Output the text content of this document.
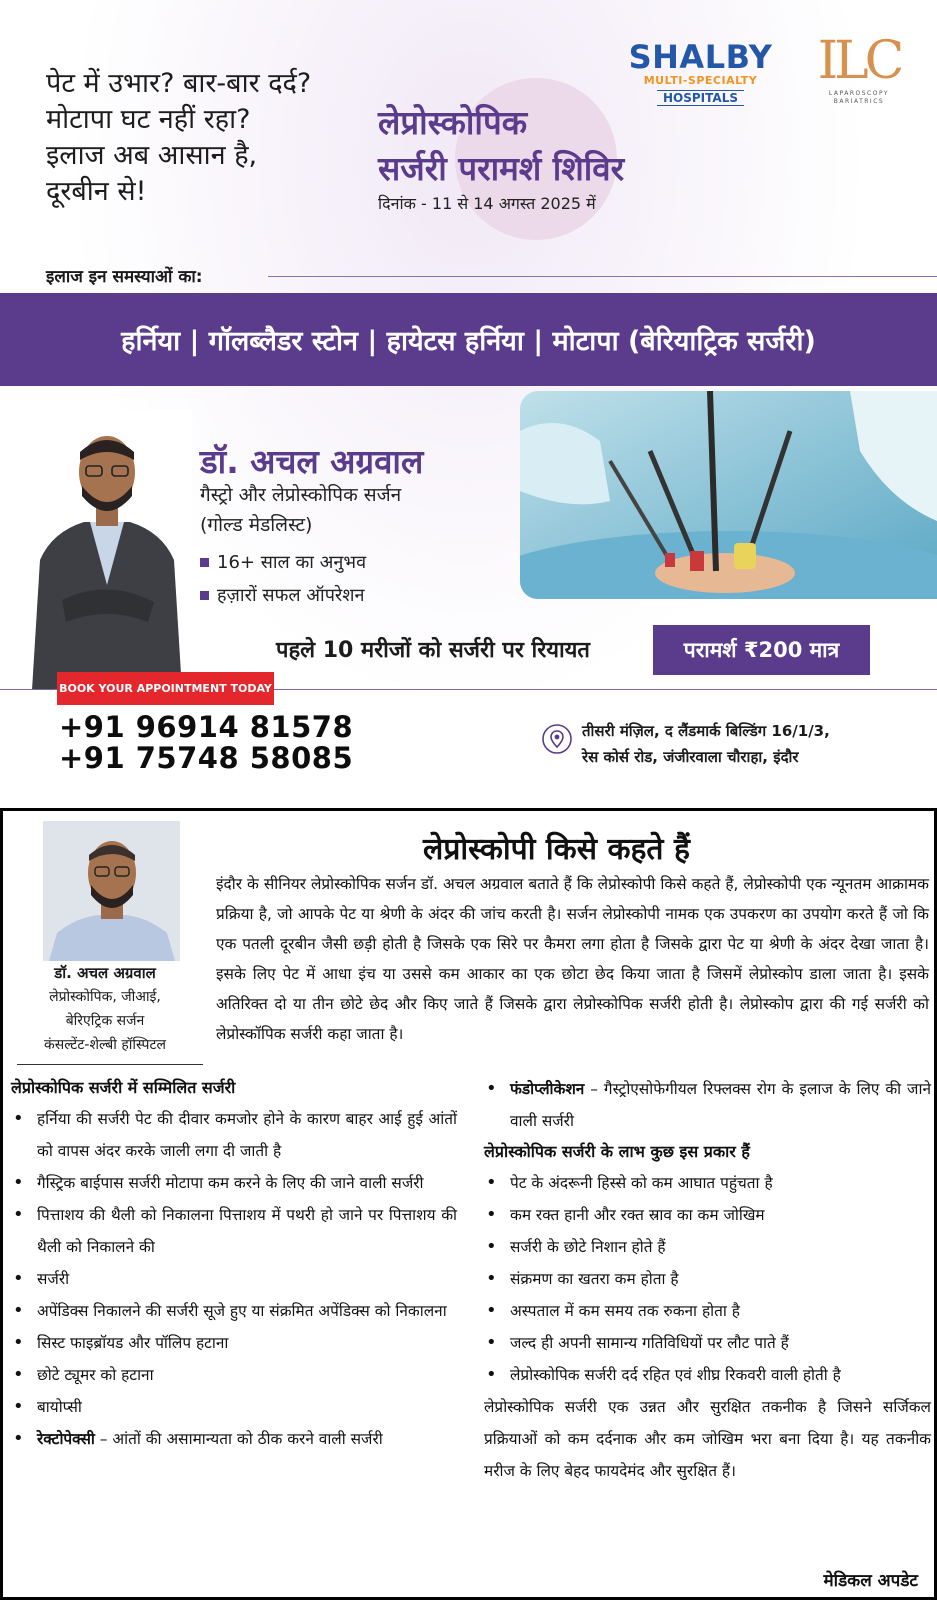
पेट में उभार? बार-बार दर्द?
मोटापा घट नहीं रहा?
इलाज अब आसान है,
दूरबीन से!
लेप्रोस्कोपिक
सर्जरी परामर्श शिविर
दिनांक - 11 से 14 अगस्त 2025 में
SHALBY
MULTI-SPECIALTY
HOSPITALS
ILC
LAPAROSCOPY
BARIATRICS
इलाज इन समस्याओं का:
हर्निया | गॉलब्लैडर स्टोन | हायेटस हर्निया | मोटापा (बेरियाट्रिक सर्जरी)
डॉ. अचल अग्रवाल
गैस्ट्रो और लेप्रोस्कोपिक सर्जन
(गोल्ड मेडलिस्ट)
16+ साल का अनुभव
हज़ारों सफल ऑपरेशन
पहले 10 मरीजों को सर्जरी पर रियायत	परामर्श ₹200 मात्र
BOOK YOUR APPOINTMENT TODAY
+91 96914 81578
+91 75748 58085
तीसरी मंज़िल, द लैंडमार्क बिल्डिंग 16/1/3,
रेस कोर्स रोड, जंजीरवाला चौराहा, इंदौर
डॉ. अचल अग्रवाल
लेप्रोस्कोपिक, जीआई,
बेरिएट्रिक सर्जन
कंसल्टेंट-शेल्बी हॉस्पिटल
लेप्रोस्कोपी किसे कहते हैं

इंदौर के सीनियर लेप्रोस्कोपिक सर्जन डॉ. अचल अग्रवाल बताते हैं कि लेप्रोस्कोपी किसे कहते हैं, लेप्रोस्कोपी एक न्यूनतम आक्रामक प्रक्रिया है, जो आपके पेट या श्रेणी के अंदर की जांच करती है। सर्जन लेप्रोस्कोपी नामक एक उपकरण का उपयोग करते हैं जो कि एक पतली दूरबीन जैसी छड़ी होती है जिसके एक सिरे पर कैमरा लगा होता है जिसके द्वारा पेट या श्रेणी के अंदर देखा जाता है। इसके लिए पेट में आधा इंच या उससे कम आकार का एक छोटा छेद किया जाता है जिसमें लेप्रोस्कोप डाला जाता है। इसके अतिरिक्त दो या तीन छोटे छेद और किए जाते हैं जिसके द्वारा लेप्रोस्कोपिक सर्जरी होती है। लेप्रोस्कोप द्वारा की गई सर्जरी को लेप्रोस्कॉपिक सर्जरी कहा जाता है।

लेप्रोस्कोपिक सर्जरी में सम्मिलित सर्जरी
• हर्निया की सर्जरी पेट की दीवार कमजोर होने के कारण बाहर आई हुई आंतों को वापस अंदर करके जाली लगा दी जाती है
• गैस्ट्रिक बाईपास सर्जरी मोटापा कम करने के लिए की जाने वाली सर्जरी
• पित्ताशय की थैली को निकालना पित्ताशय में पथरी हो जाने पर पित्ताशय की थैली को निकालने की
• सर्जरी
• अपेंडिक्स निकालने की सर्जरी सूजे हुए या संक्रमित अपेंडिक्स को निकालना
• सिस्ट फाइब्रॉयड और पॉलिप हटाना
• छोटे ट्यूमर को हटाना
• बायोप्सी
• रेक्टोपेक्सी – आंतों की असामान्यता को ठीक करने वाली सर्जरी
• फंडोप्लीकेशन – गैस्ट्रोएसोफेगीयल रिफ्लक्स रोग के इलाज के लिए की जाने वाली सर्जरी
लेप्रोस्कोपिक सर्जरी के लाभ कुछ इस प्रकार हैं
• पेट के अंदरूनी हिस्से को कम आघात पहुंचता है
• कम रक्त हानी और रक्त स्राव का कम जोखिम
• सर्जरी के छोटे निशान होते हैं
• संक्रमण का खतरा कम होता है
• अस्पताल में कम समय तक रुकना होता है
• जल्द ही अपनी सामान्य गतिविधियों पर लौट पाते हैं
• लेप्रोस्कोपिक सर्जरी दर्द रहित एवं शीघ्र रिकवरी वाली होती है

लेप्रोस्कोपिक सर्जरी एक उन्नत और सुरक्षित तकनीक है जिसने सर्जिकल प्रक्रियाओं को कम दर्दनाक और कम जोखिम भरा बना दिया है। यह तकनीक मरीज के लिए बेहद फायदेमंद और सुरक्षित हैं।

मेडिकल अपडेट
